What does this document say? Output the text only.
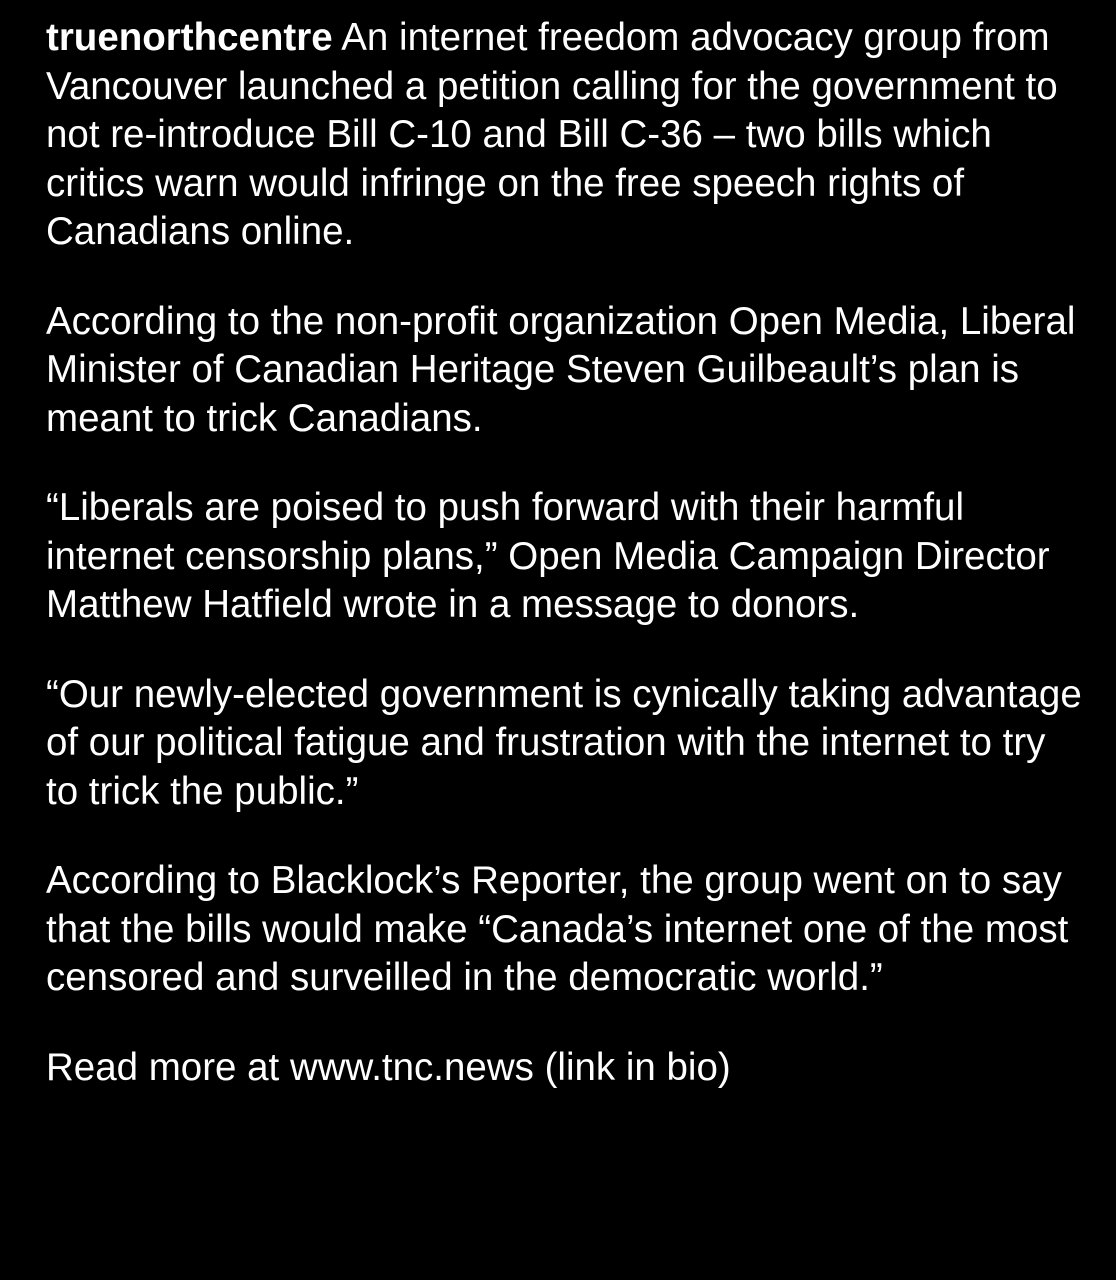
truenorthcentre An internet freedom advocacy group from Vancouver launched a petition calling for the government to not re-introduce Bill C-10 and Bill C-36 – two bills which critics warn would infringe on the free speech rights of Canadians online.

According to the non-profit organization Open Media, Liberal Minister of Canadian Heritage Steven Guilbeault’s plan is meant to trick Canadians.

“Liberals are poised to push forward with their harmful internet censorship plans,” Open Media Campaign Director Matthew Hatfield wrote in a message to donors.

“Our newly-elected government is cynically taking advantage of our political fatigue and frustration with the internet to try to trick the public.”

According to Blacklock’s Reporter, the group went on to say that the bills would make “Canada’s internet one of the most censored and surveilled in the democratic world.”

Read more at www.tnc.news (link in bio)
